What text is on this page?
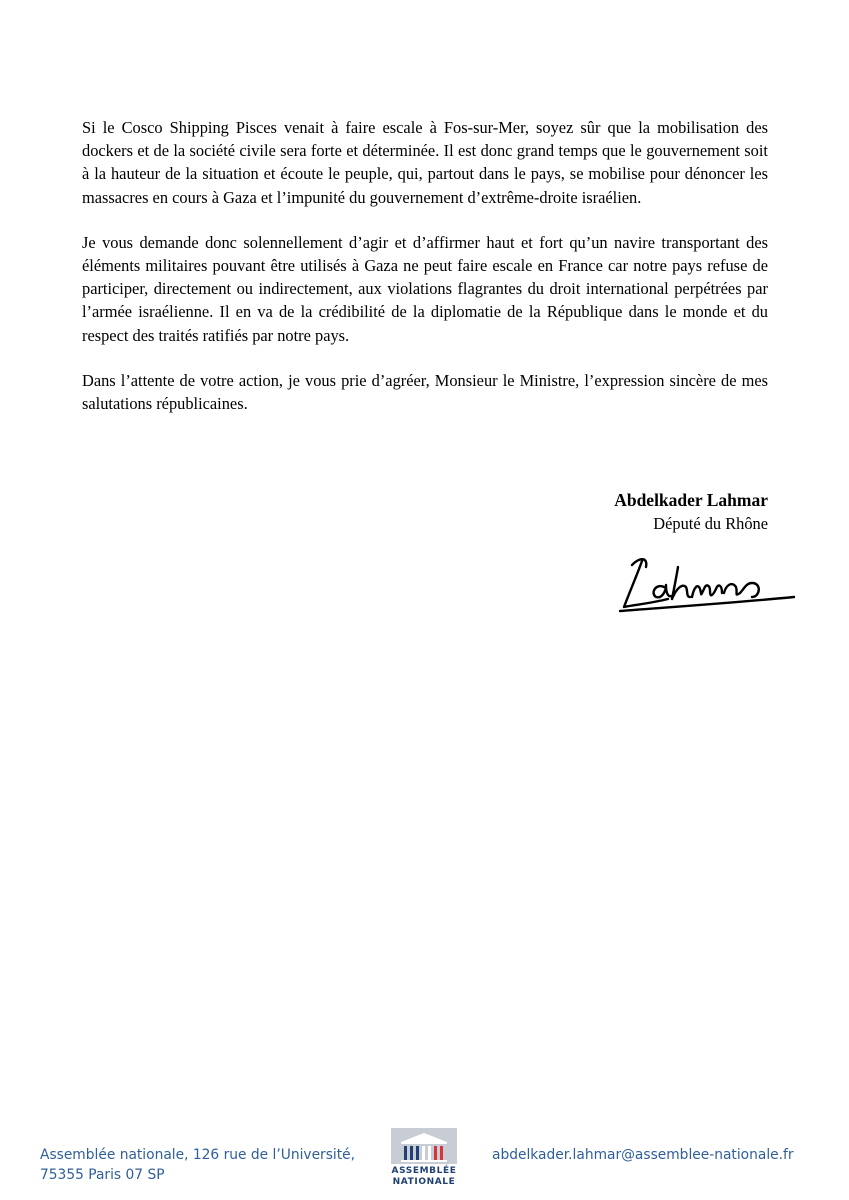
Si le Cosco Shipping Pisces venait à faire escale à Fos-sur-Mer, soyez sûr que la mobilisation des dockers et de la société civile sera forte et déterminée. Il est donc grand temps que le gouvernement soit à la hauteur de la situation et écoute le peuple, qui, partout dans le pays, se mobilise pour dénoncer les massacres en cours à Gaza et l’impunité du gouvernement d’extrême-droite israélien.

Je vous demande donc solennellement d’agir et d’affirmer haut et fort qu’un navire transportant des éléments militaires pouvant être utilisés à Gaza ne peut faire escale en France car notre pays refuse de participer, directement ou indirectement, aux violations flagrantes du droit international perpétrées par l’armée israélienne. Il en va de la crédibilité de la diplomatie de la République dans le monde et du respect des traités ratifiés par notre pays.

Dans l’attente de votre action, je vous prie d’agréer, Monsieur le Ministre, l’expression sincère de mes salutations républicaines.

Abdelkader Lahmar
Député du Rhône
Assemblée nationale, 126 rue de l’Université,
75355 Paris 07 SP	ASSEMBLÉE
NATIONALE
abdelkader.lahmar@assemblee-nationale.fr
